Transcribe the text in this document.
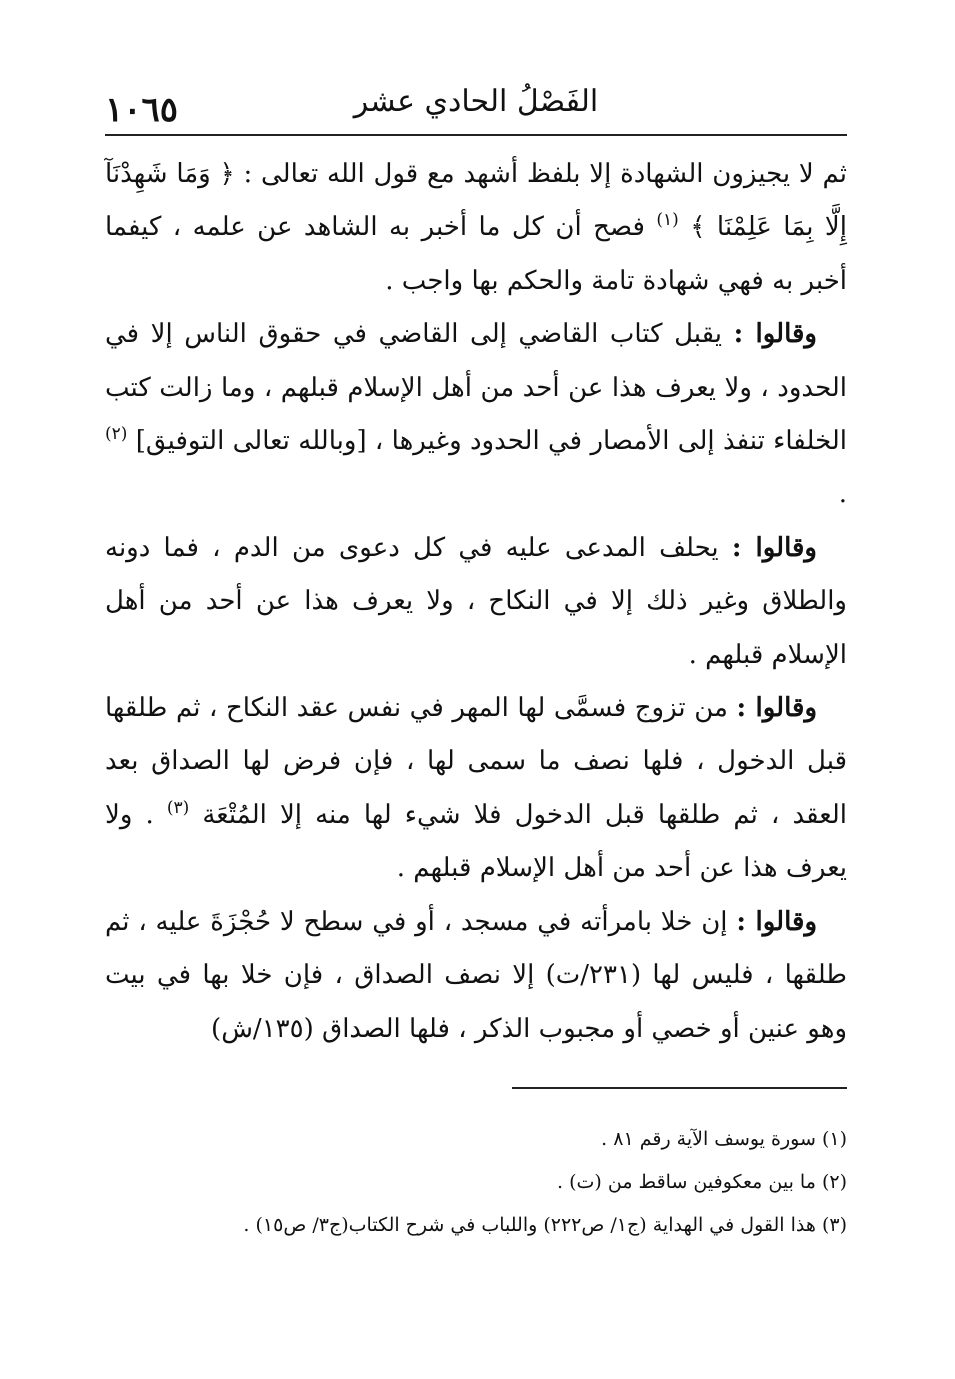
١٠٦٥	الفَصْلُ الحادي عشر

ثم لا يجيزون الشهادة إلا بلفظ أشهد مع قول الله تعالى : ﴿ وَمَا شَهِدْنَآ إِلَّا بِمَا عَلِمْنَا ﴾ $^{(١)}$ فصح أن كل ما أخبر به الشاهد عن علمه ، كيفما أخبر به فهي شهادة تامة والحكم بها واجب .

وقالوا : يقبل كتاب القاضي إلى القاضي في حقوق الناس إلا في الحدود ، ولا يعرف هذا عن أحد من أهل الإسلام قبلهم ، وما زالت كتب الخلفاء تنفذ إلى الأمصار في الحدود وغيرها ، [وبالله تعالى التوفيق] $^{(٢)}$ .

وقالوا : يحلف المدعى عليه في كل دعوى من الدم ، فما دونه والطلاق وغير ذلك إلا في النكاح ، ولا يعرف هذا عن أحد من أهل الإسلام قبلهم .

وقالوا : من تزوج فسمَّى لها المهر في نفس عقد النكاح ، ثم طلقها قبل الدخول ، فلها نصف ما سمى لها ، فإن فرض لها الصداق بعد العقد ، ثم طلقها قبل الدخول فلا شيء لها منه إلا المُتْعَة $^{(٣)}$ . ولا يعرف هذا عن أحد من أهل الإسلام قبلهم .

وقالوا : إن خلا بامرأته في مسجد ، أو في سطح لا حُجْزَةَ عليه ، ثم طلقها ، فليس لها (٢٣١/ت) إلا نصف الصداق ، فإن خلا بها في بيت وهو عنين أو خصي أو مجبوب الذكر ، فلها الصداق (١٣٥/ش)

(١) سورة يوسف الآية رقم ٨١ .

(٢) ما بين معكوفين ساقط من (ت) .

(٣) هذا القول في الهداية (ج١/ ص٢٢٢) واللباب في شرح الكتاب(ج٣/ ص١٥) .
